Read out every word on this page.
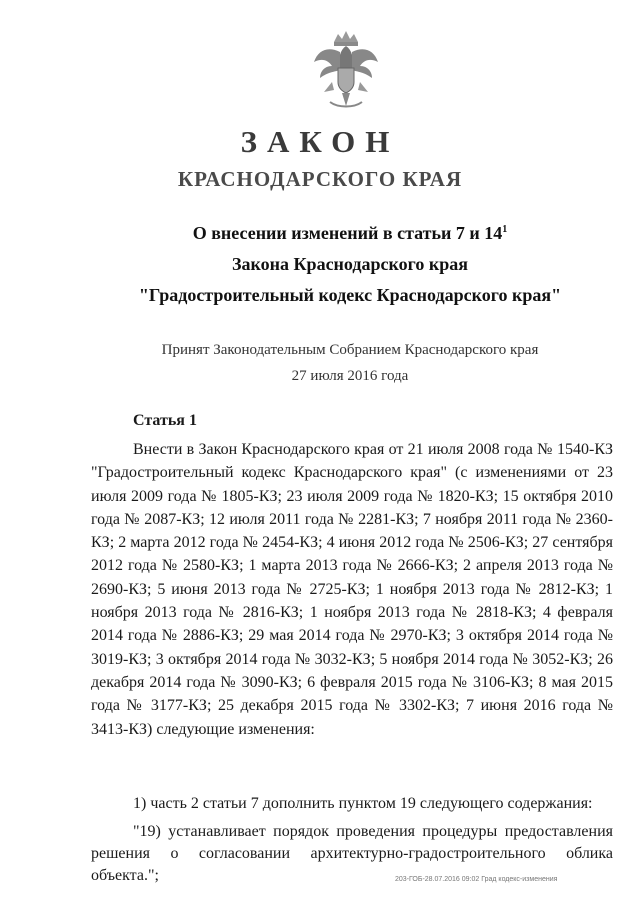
ЗАКОН
КРАСНОДАРСКОГО КРАЯ
О внесении изменений в статьи 7 и $14^1$
Закона Краснодарского края
"Градостроительный кодекс Краснодарского края"
Принят Законодательным Собранием Краснодарского края
27 июля 2016 года
Статья 1

Внести в Закон Краснодарского края от 21 июля 2008 года № 1540-КЗ "Градостроительный кодекс Краснодарского края" (с изменениями от 23 июля 2009 года № 1805-КЗ; 23 июля 2009 года № 1820-КЗ; 15 октября 2010 года № 2087-КЗ; 12 июля 2011 года № 2281-КЗ; 7 ноября 2011 года № 2360-КЗ; 2 марта 2012 года № 2454-КЗ; 4 июня 2012 года № 2506-КЗ; 27 сентября 2012 года № 2580-КЗ; 1 марта 2013 года № 2666-КЗ; 2 апреля 2013 года № 2690-КЗ; 5 июня 2013 года № 2725-КЗ; 1 ноября 2013 года № 2812-КЗ; 1 ноября 2013 года № 2816-КЗ; 1 ноября 2013 года № 2818-КЗ; 4 февраля 2014 года № 2886-КЗ; 29 мая 2014 года № 2970-КЗ; 3 октября 2014 года № 3019-КЗ; 3 октября 2014 года № 3032-КЗ; 5 ноября 2014 года № 3052-КЗ; 26 декабря 2014 года № 3090-КЗ; 6 февраля 2015 года № 3106-КЗ; 8 мая 2015 года № 3177-КЗ; 25 декабря 2015 года № 3302-КЗ; 7 июня 2016 года № 3413-КЗ) следующие изменения:

1) часть 2 статьи 7 дополнить пунктом 19 следующего содержания:

"19) устанавливает порядок проведения процедуры предоставления решения о согласовании архитектурно-градостроительного облика объекта.";	203-ГОБ-28.07.2016 09:02 Град кодекс-изменения
